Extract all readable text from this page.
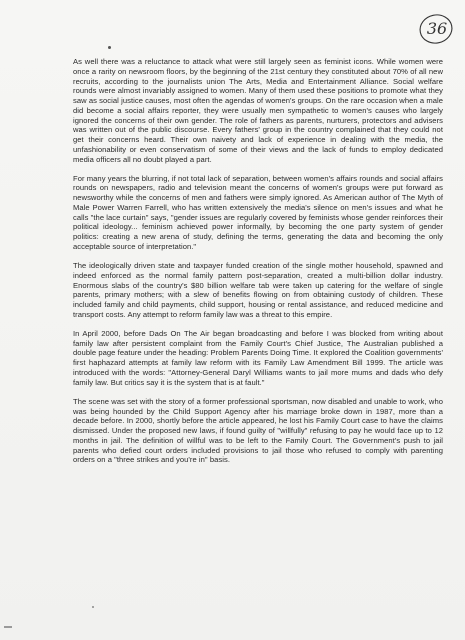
36

As well there was a reluctance to attack what were still largely seen as feminist icons. While women were once a rarity on newsroom floors, by the beginning of the 21st century they constituted about 70% of all new recruits, according to the journalists union The Arts, Media and Entertainment Alliance. Social welfare rounds were almost invariably assigned to women. Many of them used these positions to promote what they saw as social justice causes, most often the agendas of women's groups. On the rare occasion when a male did become a social affairs reporter, they were usually men sympathetic to women's causes who largely ignored the concerns of their own gender. The role of fathers as parents, nurturers, protectors and advisers was written out of the public discourse. Every fathers' group in the country complained that they could not get their concerns heard. Their own naivety and lack of experience in dealing with the media, the unfashionability or even conservatism of some of their views and the lack of funds to employ dedicated media officers all no doubt played a part.

For many years the blurring, if not total lack of separation, between women's affairs rounds and social affairs rounds on newspapers, radio and television meant the concerns of women's groups were put forward as newsworthy while the concerns of men and fathers were simply ignored. As American author of The Myth of Male Power Warren Farrell, who has written extensively the media's silence on men's issues and what he calls "the lace curtain" says, "gender issues are regularly covered by feminists whose gender reinforces their political ideology... feminism achieved power informally, by becoming the one party system of gender politics: creating a new arena of study, defining the terms, generating the data and becoming the only acceptable source of interpretation."

The ideologically driven state and taxpayer funded creation of the single mother household, spawned and indeed enforced as the normal family pattern post-separation, created a multi-billion dollar industry. Enormous slabs of the country's $80 billion welfare tab were taken up catering for the welfare of single parents, primary mothers; with a slew of benefits flowing on from obtaining custody of children. These included family and child payments, child support, housing or rental assistance, and reduced medicine and transport costs. Any attempt to reform family law was a threat to this empire.

In April 2000, before Dads On The Air began broadcasting and before I was blocked from writing about family law after persistent complaint from the Family Court's Chief Justice, The Australian published a double page feature under the heading: Problem Parents Doing Time. It explored the Coalition governments' first haphazard attempts at family law reform with its Family Law Amendment Bill 1999. The article was introduced with the words: "Attorney-General Daryl Williams wants to jail more mums and dads who defy family law. But critics say it is the system that is at fault."

The scene was set with the story of a former professional sportsman, now disabled and unable to work, who was being hounded by the Child Support Agency after his marriage broke down in 1987, more than a decade before. In 2000, shortly before the article appeared, he lost his Family Court case to have the claims dismissed. Under the proposed new laws, if found guilty of "willfully" refusing to pay he would face up to 12 months in jail. The definition of willful was to be left to the Family Court. The Government's push to jail parents who defied court orders included provisions to jail those who refused to comply with parenting orders on a "three strikes and you're in" basis.
